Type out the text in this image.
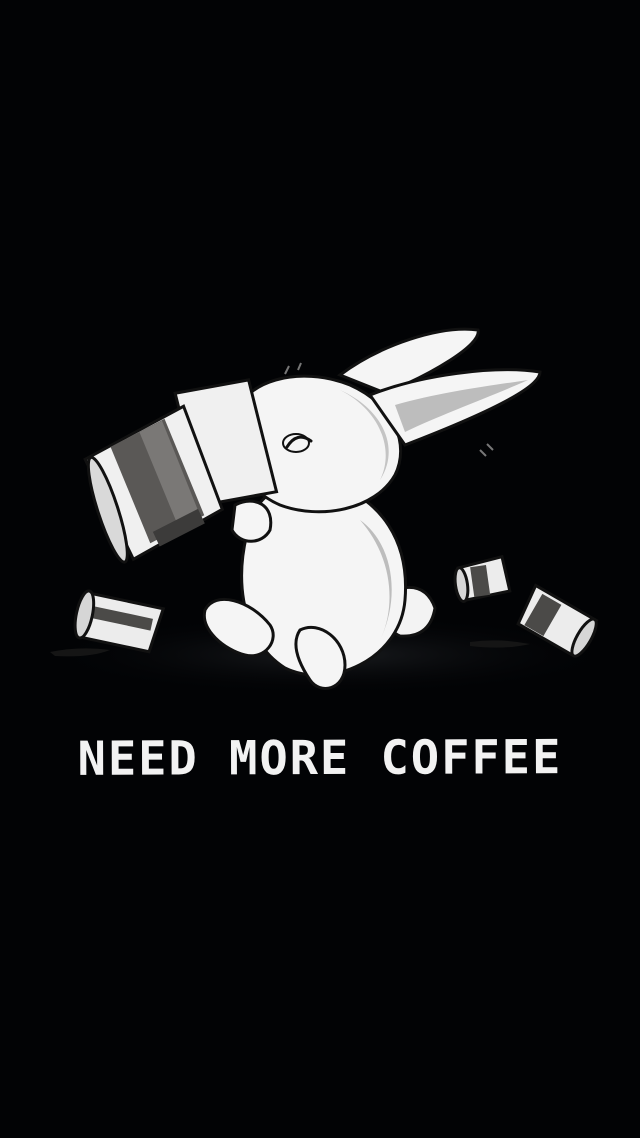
NEED MORE COFFEE
